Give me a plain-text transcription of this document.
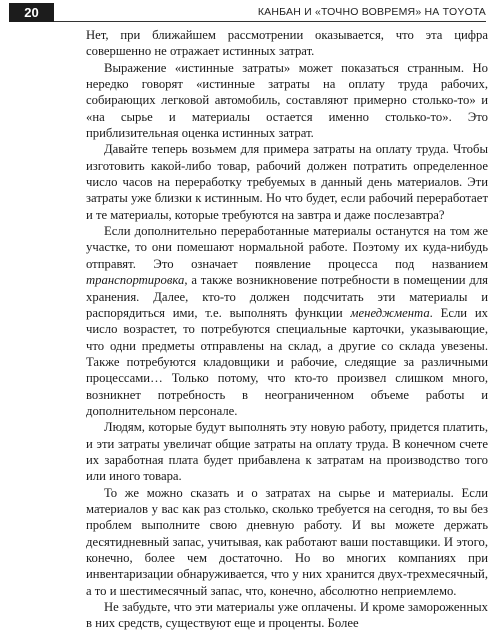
20	КАНБАН И «ТОЧНО ВОВРЕМЯ» НА TOYOTA

Нет, при ближайшем рассмотрении оказывается, что эта цифра совершенно не отражает истинных затрат.

Выражение «истинные затраты» может показаться странным. Но нередко говорят «истинные затраты на оплату труда рабочих, собирающих легковой автомобиль, составляют примерно столько-то» и «на сырье и материалы остается именно столько-то». Это приблизительная оценка истинных затрат.

Давайте теперь возьмем для примера затраты на оплату труда. Чтобы изготовить какой-либо товар, рабочий должен потратить определенное число часов на переработку требуемых в данный день материалов. Эти затраты уже близки к истинным. Но что будет, если рабочий переработает и те материалы, которые требуются на завтра и даже послезавтра?

Если дополнительно переработанные материалы останутся на том же участке, то они помешают нормальной работе. Поэтому их куда-нибудь отправят. Это означает появление процесса под названием транспортировка, а также возникновение потребности в помещении для хранения. Далее, кто-то должен подсчитать эти материалы и распорядиться ими, т.е. выполнять функции менеджмента. Если их число возрастет, то потребуются специальные карточки, указывающие, что одни предметы отправлены на склад, а другие со склада увезены. Также потребуются кладовщики и рабочие, следящие за различными процессами… Только потому, что кто-то произвел слишком много, возникнет потребность в неограниченном объеме работы и дополнительном персонале.

Людям, которые будут выполнять эту новую работу, придется платить, и эти затраты увеличат общие затраты на оплату труда. В конечном счете их заработная плата будет прибавлена к затратам на производство того или иного товара.

То же можно сказать и о затратах на сырье и материалы. Если материалов у вас как раз столько, сколько требуется на сегодня, то вы без проблем выполните свою дневную работу. И вы можете держать десятидневный запас, учитывая, как работают ваши поставщики. И этого, конечно, более чем достаточно. Но во многих компаниях при инвентаризации обнаруживается, что у них хранится двух-трехмесячный, а то и шестимесячный запас, что, конечно, абсолютно неприемлемо.

Не забудьте, что эти материалы уже оплачены. И кроме замороженных в них средств, существуют еще и проценты. Более
